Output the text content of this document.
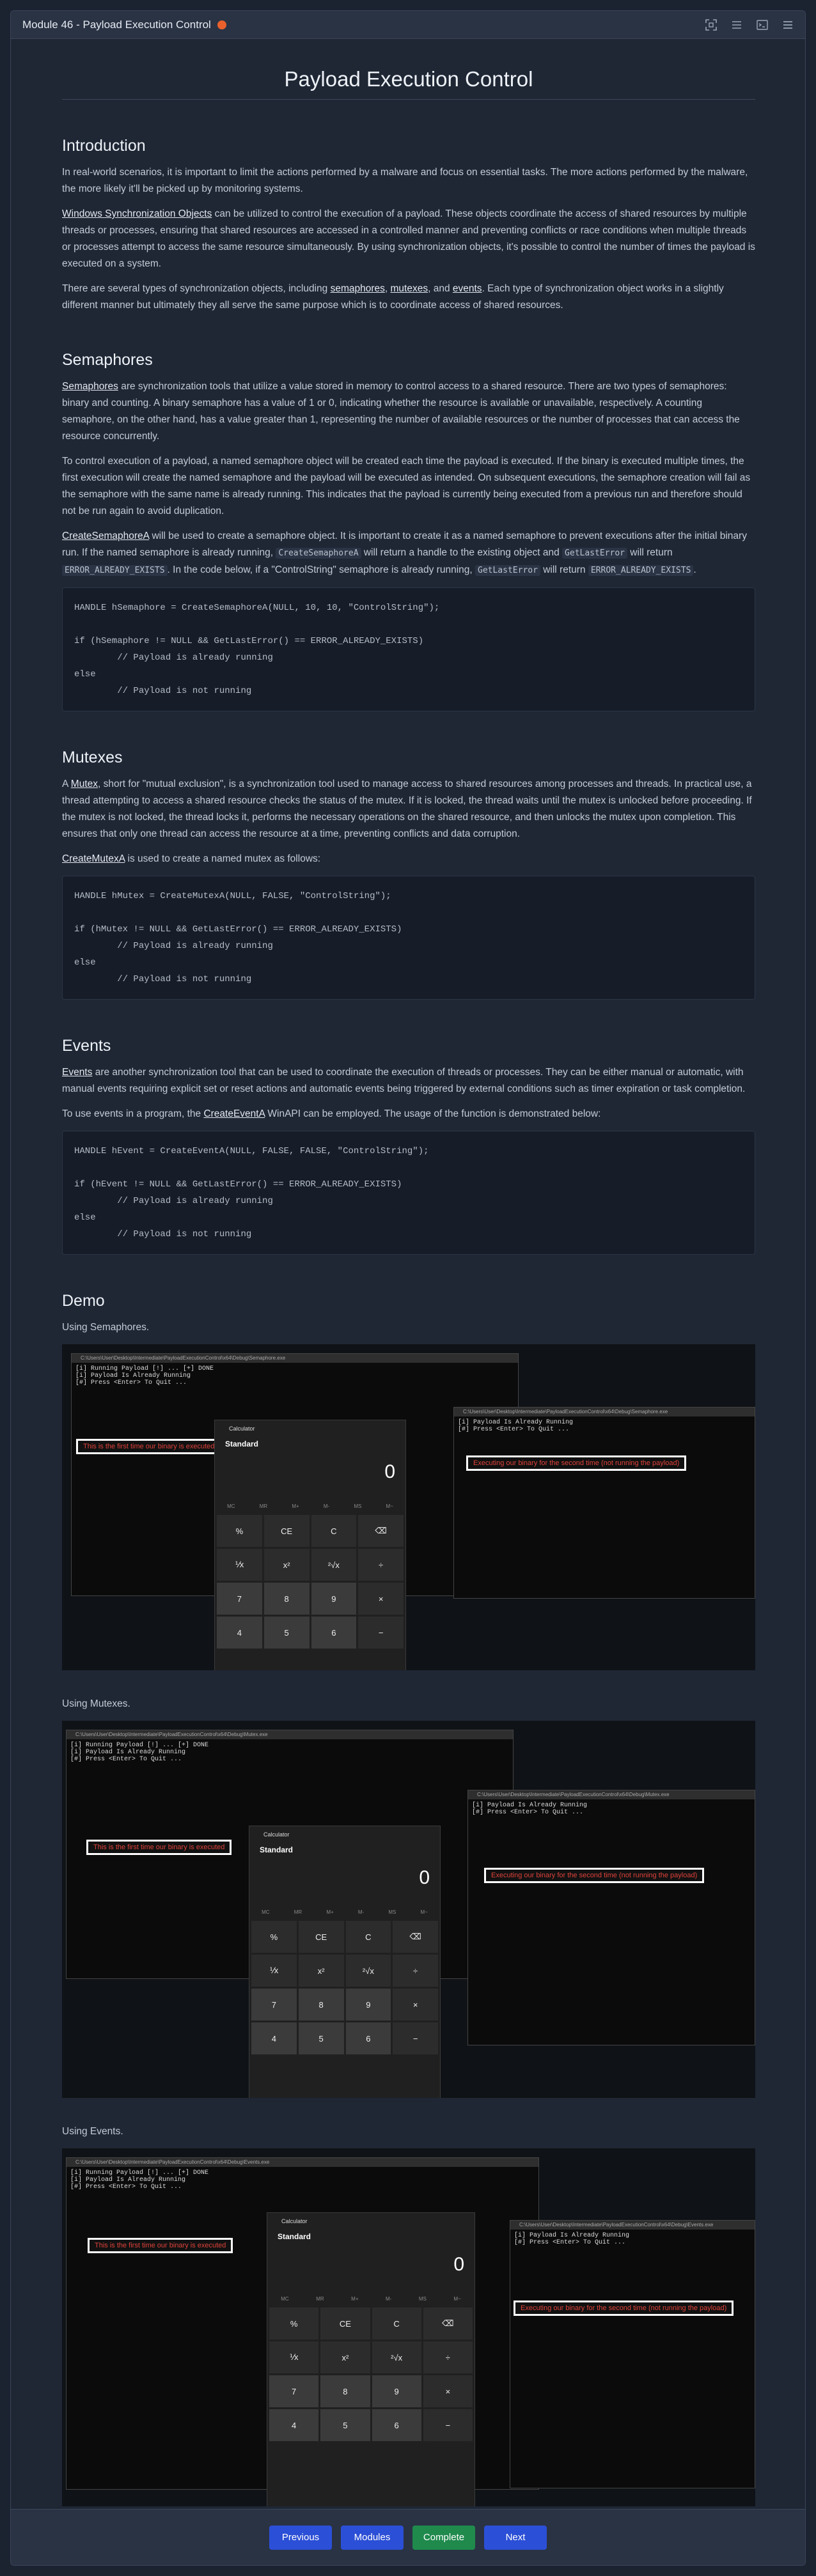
Module 46 - Payload Execution Control
Payload Execution Control
Introduction

In real-world scenarios, it is important to limit the actions performed by a malware and focus on essential tasks. The more actions performed by the malware, the more likely it'll be picked up by monitoring systems.

Windows Synchronization Objects can be utilized to control the execution of a payload. These objects coordinate the access of shared resources by multiple threads or processes, ensuring that shared resources are accessed in a controlled manner and preventing conflicts or race conditions when multiple threads or processes attempt to access the same resource simultaneously. By using synchronization objects, it's possible to control the number of times the payload is executed on a system.

There are several types of synchronization objects, including semaphores, mutexes, and events. Each type of synchronization object works in a slightly different manner but ultimately they all serve the same purpose which is to coordinate access of shared resources.

Semaphores

Semaphores are synchronization tools that utilize a value stored in memory to control access to a shared resource. There are two types of semaphores: binary and counting. A binary semaphore has a value of 1 or 0, indicating whether the resource is available or unavailable, respectively. A counting semaphore, on the other hand, has a value greater than 1, representing the number of available resources or the number of processes that can access the resource concurrently.

To control execution of a payload, a named semaphore object will be created each time the payload is executed. If the binary is executed multiple times, the first execution will create the named semaphore and the payload will be executed as intended. On subsequent executions, the semaphore creation will fail as the semaphore with the same name is already running. This indicates that the payload is currently being executed from a previous run and therefore should not be run again to avoid duplication.

CreateSemaphoreA will be used to create a semaphore object. It is important to create it as a named semaphore to prevent executions after the initial binary run. If the named semaphore is already running, CreateSemaphoreA will return a handle to the existing object and GetLastError will return ERROR_ALREADY_EXISTS . In the code below, if a "ControlString" semaphore is already running, GetLastError will return ERROR_ALREADY_EXISTS .

HANDLE hSemaphore = CreateSemaphoreA(NULL, 10, 10, "ControlString");

if (hSemaphore != NULL && GetLastError() == ERROR_ALREADY_EXISTS)
	// Payload is already running
else
	// Payload is not running
Mutexes

A Mutex, short for "mutual exclusion", is a synchronization tool used to manage access to shared resources among processes and threads. In practical use, a thread attempting to access a shared resource checks the status of the mutex. If it is locked, the thread waits until the mutex is unlocked before proceeding. If the mutex is not locked, the thread locks it, performs the necessary operations on the shared resource, and then unlocks the mutex upon completion. This ensures that only one thread can access the resource at a time, preventing conflicts and data corruption.

CreateMutexA is used to create a named mutex as follows:

HANDLE hMutex = CreateMutexA(NULL, FALSE, "ControlString");

if (hMutex != NULL && GetLastError() == ERROR_ALREADY_EXISTS)
	// Payload is already running
else
	// Payload is not running
Events

Events are another synchronization tool that can be used to coordinate the execution of threads or processes. They can be either manual or automatic, with manual events requiring explicit set or reset actions and automatic events being triggered by external conditions such as timer expiration or task completion.

To use events in a program, the CreateEventA WinAPI can be employed. The usage of the function is demonstrated below:

HANDLE hEvent = CreateEventA(NULL, FALSE, FALSE, "ControlString");

if (hEvent != NULL && GetLastError() == ERROR_ALREADY_EXISTS)
	// Payload is already running
else
	// Payload is not running
Demo

Using Semaphores.

C:\Users\User\Desktop\Intermediate\PayloadExecutionControl\x64\Debug\Semaphore.exe
[i] Running Payload [!] ... [+] DONE
[i] Payload Is Already Running
[#] Press <Enter> To Quit ...
This is the first time our binary is executed
C:\Users\User\Desktop\Intermediate\PayloadExecutionControl\x64\Debug\Semaphore.exe
[i] Payload Is Already Running
[#] Press <Enter> To Quit ...
Executing our binary for the second time (not running the payload)
Calculator
Standard
0
MC	MR	M+	M-	MS	M~
%	CE	C	⌫
⅟x	x²	²√x	÷
7	8	9	×
4	5	6	−

Using Mutexes.

C:\Users\User\Desktop\Intermediate\PayloadExecutionControl\x64\Debug\Mutex.exe
[i] Running Payload [!] ... [+] DONE
[i] Payload Is Already Running
[#] Press <Enter> To Quit ...
This is the first time our binary is executed
C:\Users\User\Desktop\Intermediate\PayloadExecutionControl\x64\Debug\Mutex.exe
[i] Payload Is Already Running
[#] Press <Enter> To Quit ...
Executing our binary for the second time (not running the payload)
Calculator
Standard
0
MC	MR	M+	M-	MS	M~
%	CE	C	⌫
⅟x	x²	²√x	÷
7	8	9	×
4	5	6	−

Using Events.

C:\Users\User\Desktop\Intermediate\PayloadExecutionControl\x64\Debug\Events.exe
[i] Running Payload [!] ... [+] DONE
[i] Payload Is Already Running
[#] Press <Enter> To Quit ...
This is the first time our binary is executed
C:\Users\User\Desktop\Intermediate\PayloadExecutionControl\x64\Debug\Events.exe
[i] Payload Is Already Running
[#] Press <Enter> To Quit ...
Executing our binary for the second time (not running the payload)
Calculator
Standard
0
MC	MR	M+	M-	MS	M~
%	CE	C	⌫
⅟x	x²	²√x	÷
7	8	9	×
4	5	6	−
Previous	Modules	Complete	Next
